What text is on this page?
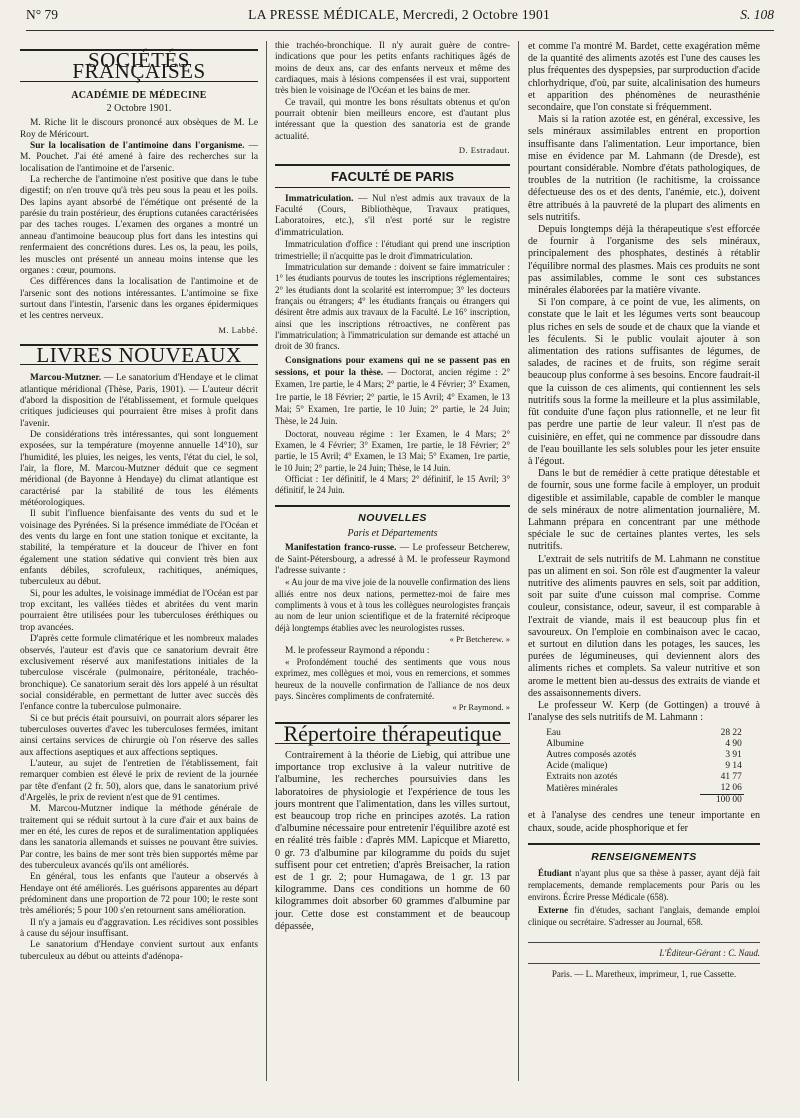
N° 79	LA PRESSE MÉDICALE, Mercredi, 2 Octobre 1901	S. 108
SOCIÉTÉS FRANÇAISES
ACADÉMIE DE MÉDECINE
2 Octobre 1901.

M. Riche lit le discours prononcé aux obsèques de M. Le Roy de Méricourt.

Sur la localisation de l'antimoine dans l'organisme. — M. Pouchet. J'ai été amené à faire des recherches sur la localisation de l'antimoine et de l'arsenic.

La recherche de l'antimoine n'est positive que dans le tube digestif; on n'en trouve qu'à très peu sous la peau et les poils. Des lapins ayant absorbé de l'émétique ont présenté de la parésie du train postérieur, des éruptions cutanées caractérisées par des taches rouges. L'examen des organes a montré un anneau d'antimoine beaucoup plus fort dans les intestins qui renfermaient des concrétions dures. Les os, la peau, les poils, les muscles ont présenté un anneau moins intense que les organes : cœur, poumons.

Ces différences dans la localisation de l'antimoine et de l'arsenic sont des notions intéressantes. L'antimoine se fixe surtout dans l'intestin, l'arsenic dans les organes épidermiques et les centres nerveux.

M. Labbé.
LIVRES NOUVEAUX

Marcou-Mutzner. — Le sanatorium d'Hendaye et le climat atlantique méridional (Thèse, Paris, 1901). — L'auteur décrit d'abord la disposition de l'établissement, et formule quelques critiques judicieuses qui pourraient être mises à profit dans l'avenir.

De considérations très intéressantes, qui sont longuement exposées, sur la température (moyenne annuelle 14°10), sur l'humidité, les pluies, les neiges, les vents, l'état du ciel, le sol, l'air, la flore, M. Marcou-Mutzner déduit que ce segment méridional (de Bayonne à Hendaye) du climat atlantique est caractérisé par la stabilité de tous les éléments météorologiques.

Il subit l'influence bienfaisante des vents du sud et le voisinage des Pyrénées. Si la présence immédiate de l'Océan et des vents du large en font une station tonique et excitante, la stabilité, la température et la douceur de l'hiver en font également une station sédative qui convient très bien aux enfants débiles, scrofuleux, rachitiques, anémiques, tuberculeux au début.

Si, pour les adultes, le voisinage immédiat de l'Océan est par trop excitant, les vallées tièdes et abritées du vent marin pourraient être utilisées pour les tuberculoses éréthiques ou trop avancées.

D'après cette formule climatérique et les nombreux malades observés, l'auteur est d'avis que ce sanatorium devrait être exclusivement réservé aux manifestations initiales de la tuberculose viscérale (pulmonaire, péritonéale, trachéo-bronchique). Ce sanatorium serait dès lors appelé à un résultat social considérable, en permettant de lutter avec succès dès l'enfance contre la tuberculose pulmonaire.

Si ce but précis était poursuivi, on pourrait alors séparer les tuberculoses ouvertes d'avec les tuberculoses fermées, imitant ainsi certains services de chirurgie où l'on réserve des salles aux affections aseptiques et aux affections septiques.

L'auteur, au sujet de l'entretien de l'établissement, fait remarquer combien est élevé le prix de revient de la journée par tête d'enfant (2 fr. 50), alors que, dans le sanatorium privé d'Argelès, le prix de revient n'est que de 91 centimes.

M. Marcou-Mutzner indique la méthode générale de traitement qui se réduit surtout à la cure d'air et aux bains de mer en été, les cures de repos et de suralimentation appliquées dans les sanatoria allemands et suisses ne pouvant être suivies. Par contre, les bains de mer sont très bien supportés même par des tuberculeux avancés qu'ils ont améliorés.

En général, tous les enfants que l'auteur a observés à Hendaye ont été améliorés. Les guérisons apparentes au départ prédominent dans une proportion de 72 pour 100; le reste sont très améliorés; 5 pour 100 s'en retournent sans amélioration.

Il n'y a jamais eu d'aggravation. Les récidives sont possibles à cause du séjour insuffisant.

Le sanatorium d'Hendaye convient surtout aux enfants tuberculeux au début ou atteints d'adénopa-

thie trachéo-bronchique. Il n'y aurait guère de contre-indications que pour les petits enfants rachitiques âgés de moins de deux ans, car des enfants nerveux et même des cardiaques, mais à lésions compensées il est vrai, supportent très bien le voisinage de l'Océan et les bains de mer.

Ce travail, qui montre les bons résultats obtenus et qu'on pourrait obtenir bien meilleurs encore, est d'autant plus intéressant que la question des sanatoria est de grande actualité.

D. Estradaut.
FACULTÉ DE PARIS

Immatriculation. — Nul n'est admis aux travaux de la Faculté (Cours, Bibliothèque, Travaux pratiques, Laboratoires, etc.), s'il n'est porté sur le registre d'immatriculation.

Immatriculation d'office : l'étudiant qui prend une inscription trimestrielle; il n'acquitte pas le droit d'immatriculation.

Immatriculation sur demande : doivent se faire immatriculer : 1° les étudiants pourvus de toutes les inscriptions réglementaires; 2° les étudiants dont la scolarité est interrompue; 3° les docteurs français ou étrangers; 4° les étudiants français ou étrangers qui désirent être admis aux travaux de la Faculté. Le 16° inscription, ainsi que les inscriptions rétroactives, ne confèrent pas l'immatriculation; à l'immatriculation sur demande est attaché un droit de 30 francs.

Consignations pour examens qui ne se passent pas en sessions, et pour la thèse. — Doctorat, ancien régime : 2° Examen, 1re partie, le 4 Mars; 2° partie, le 4 Février; 3° Examen, 1re partie, le 18 Février; 2° partie, le 15 Avril; 4° Examen, le 13 Mai; 5° Examen, 1re partie, le 10 Juin; 2° partie, le 24 Juin; Thèse, le 24 Juin.

Doctorat, nouveau régime : 1er Examen, le 4 Mars; 2° Examen, le 4 Février; 3° Examen, 1re partie, le 18 Février; 2° partie, le 15 Avril; 4° Examen, le 13 Mai; 5° Examen, 1re partie, le 10 Juin; 2° partie, le 24 Juin; Thèse, le 14 Juin.

Officiat : 1er définitif, le 4 Mars; 2° définitif, le 15 Avril; 3° définitif, le 24 Juin.

NOUVELLES
Paris et Départements

Manifestation franco-russe. — Le professeur Betcherew, de Saint-Pétersbourg, a adressé à M. le professeur Raymond l'adresse suivante :

« Au jour de ma vive joie de la nouvelle confirmation des liens alliés entre nos deux nations, permettez-moi de faire mes compliments à vous et à tous les collègues neurologistes français au nom de leur union scientifique et de la fraternité réciproque déjà longtemps établies avec les neurologistes russes.

« Pr Betcherew. »

M. le professeur Raymond a répondu :

« Profondément touché des sentiments que vous nous exprimez, mes collègues et moi, vous en remercions, et sommes heureux de la nouvelle confirmation de l'alliance de nos deux pays. Sincères compliments de confraternité.

« Pr Raymond. »
Répertoire thérapeutique

Contrairement à la théorie de Liebig, qui attribue une importance trop exclusive à la valeur nutritive de l'albumine, les recherches poursuivies dans les laboratoires de physiologie et l'expérience de tous les jours montrent que l'alimentation, dans les villes surtout, est beaucoup trop riche en principes azotés. La ration d'albumine nécessaire pour entretenir l'équilibre azoté est en réalité très faible : d'après MM. Lapicque et Miaretto, 0 gr. 73 d'albumine par kilogramme du poids du sujet suffisent pour cet entretien; d'après Breisacher, la ration est de 1 gr. 2; pour Humagawa, de 1 gr. 13 par kilogramme. Dans ces conditions un homme de 60 kilogrammes doit absorber 60 grammes d'albumine par jour. Cette dose est constamment et de beaucoup dépassée,

et comme l'a montré M. Bardet, cette exagération même de la quantité des aliments azotés est l'une des causes les plus fréquentes des dyspepsies, par surproduction d'acide chlorhydrique, d'où, par suite, alcalinisation des humeurs et apparition des phénomènes de neurasthénie secondaire, que l'on constate si fréquemment.

Mais si la ration azotée est, en général, excessive, les sels minéraux assimilables entrent en proportion insuffisante dans l'alimentation. Leur importance, bien mise en évidence par M. Lahmann (de Dresde), est pourtant considérable. Nombre d'états pathologiques, de troubles de la nutrition (le rachitisme, la croissance défectueuse des os et des dents, l'anémie, etc.), doivent être attribués à la pauvreté de la plupart des aliments en sels nutritifs.

Depuis longtemps déjà la thérapeutique s'est efforcée de fournir à l'organisme des sels minéraux, principalement des phosphates, destinés à rétablir l'équilibre normal des plasmes. Mais ces produits ne sont pas assimilables, comme le sont ces substances minérales élaborées par la matière vivante.

Si l'on compare, à ce point de vue, les aliments, on constate que le lait et les légumes verts sont beaucoup plus riches en sels de soude et de chaux que la viande et les féculents. Si le public voulait ajouter à son alimentation des rations suffisantes de légumes, de salades, de racines et de fruits, son régime serait beaucoup plus conforme à ses besoins. Encore faudrait-il que la cuisson de ces aliments, qui contiennent les sels nutritifs sous la forme la meilleure et la plus assimilable, fût conduite d'une façon plus rationnelle, et ne leur fit pas perdre une partie de leur valeur. Il n'est pas de cuisinière, en effet, qui ne commence par dissoudre dans de l'eau bouillante les sels solubles pour les jeter ensuite à l'égout.

Dans le but de remédier à cette pratique détestable et de fournir, sous une forme facile à employer, un produit digestible et assimilable, capable de combler le manque de sels minéraux de notre alimentation journalière, M. Lahmann prépara en concentrant par une méthode spéciale le suc de certaines plantes vertes, les sels nutritifs.

L'extrait de sels nutritifs de M. Lahmann ne constitue pas un aliment en soi. Son rôle est d'augmenter la valeur nutritive des aliments pauvres en sels, soit par addition, soit par suite d'une cuisson mal comprise. Comme couleur, consistance, odeur, saveur, il est comparable à l'extrait de viande, mais il est beaucoup plus fin et savoureux. On l'emploie en combinaison avec le cacao, et surtout en dilution dans les potages, les sauces, les purées de légumineuses, qui deviennent alors des aliments riches et complets. Sa valeur nutritive et son arome le mettent bien au-dessus des extraits de viande et des assaisonnements divers.

Le professeur W. Kerp (de Gottingen) a trouvé à l'analyse des sels nutritifs de M. Lahmann :

Eau	28 22
Albumine	4 90
Autres composés azotés	3 91
Acide (malique)	9 14
Extraits non azotés	41 77
Matières minérales	12 06
	100 00

et à l'analyse des cendres une teneur importante en chaux, soude, acide phosphorique et fer

RENSEIGNEMENTS

Étudiant n'ayant plus que sa thèse à passer, ayant déjà fait remplacements, demande remplacements pour Paris ou les environs. Écrire Presse Médicale (658).

Externe fin d'études, sachant l'anglais, demande emploi clinique ou secrétaire. S'adresser au Journal, 658.

L'Éditeur-Gérant : C. Naud.
Paris. — L. Maretheux, imprimeur, 1, rue Cassette.
